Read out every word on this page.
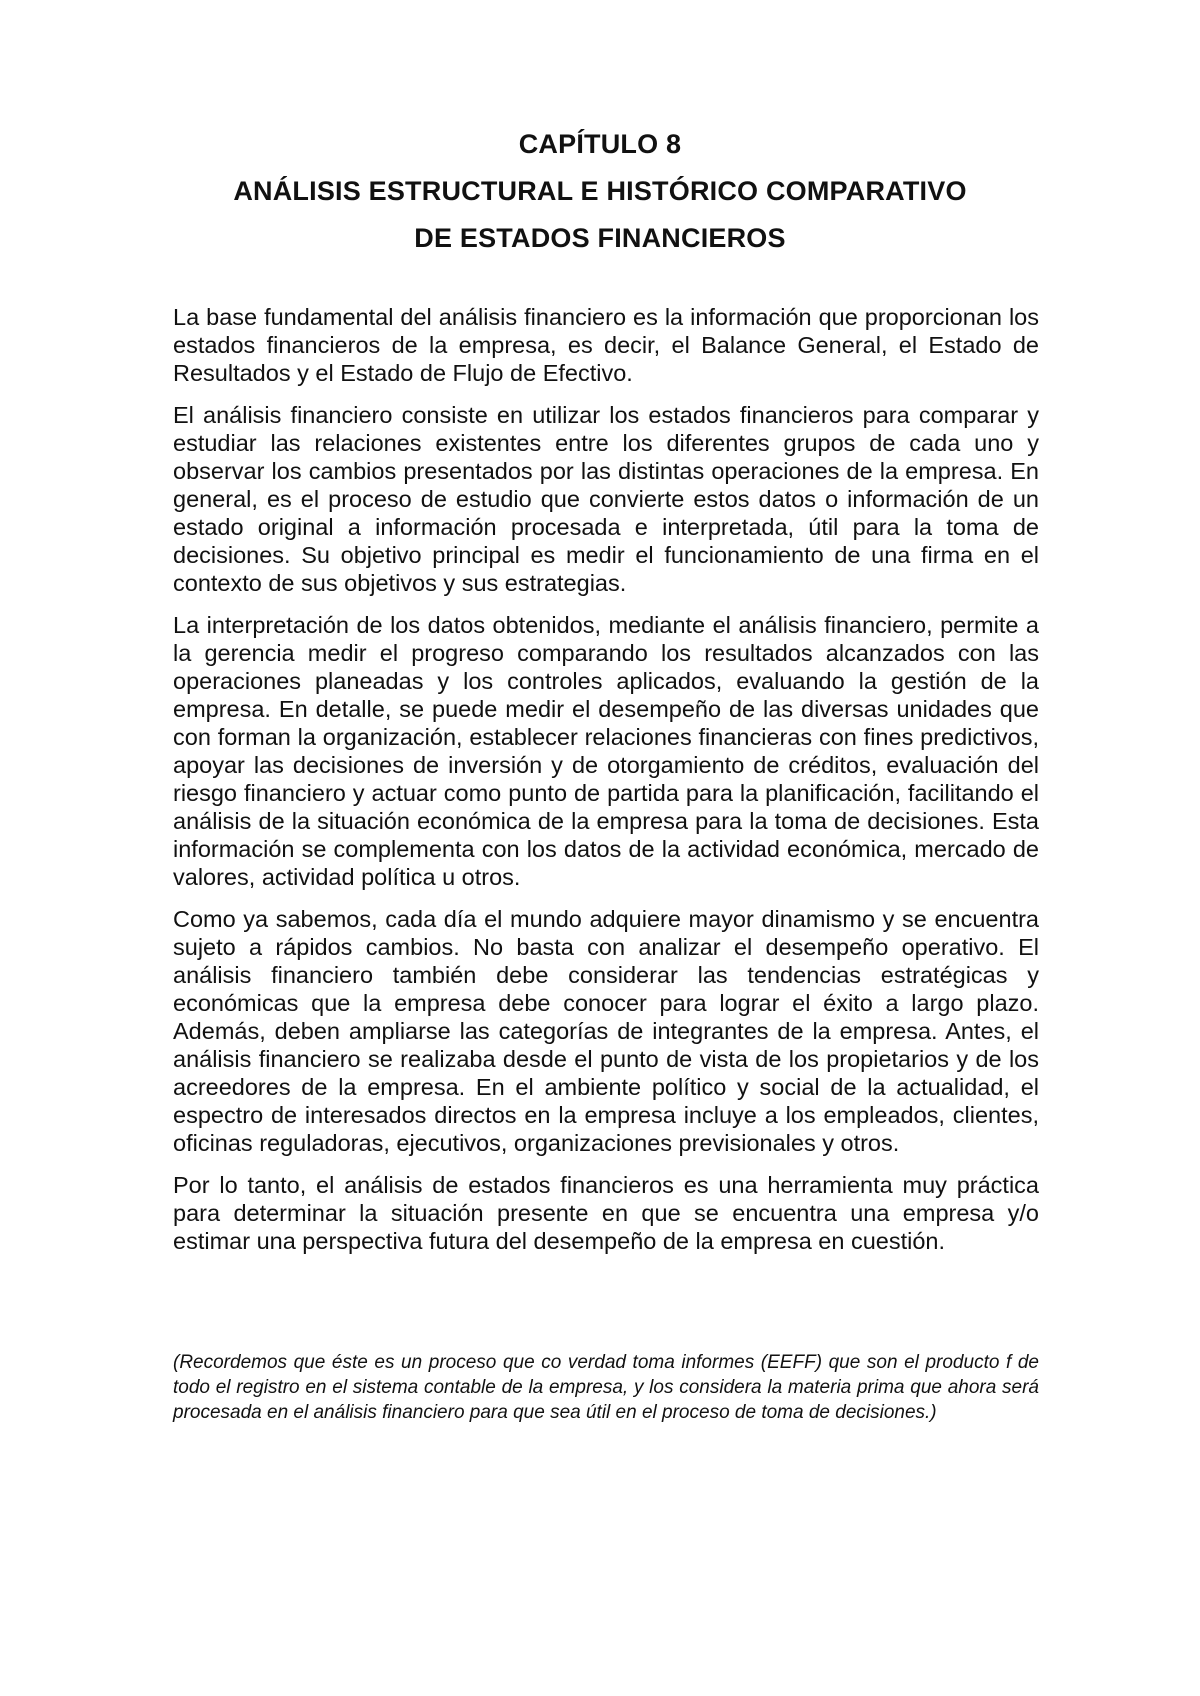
CAPÍTULO 8
ANÁLISIS ESTRUCTURAL E HISTÓRICO COMPARATIVO
DE ESTADOS FINANCIEROS

La base fundamental del análisis financiero es la información que proporcionan los estados financieros de la empresa, es decir, el Balance General, el Estado de Resultados y el Estado de Flujo de Efectivo.

El análisis financiero consiste en utilizar los estados financieros para comparar y estudiar las relaciones existentes entre los diferentes grupos de cada uno y observar los cambios presentados por las distintas operaciones de la empresa. En general, es el proceso de estudio que convierte estos datos o información de un estado original a información procesada e interpretada, útil para la toma de decisiones. Su objetivo principal es medir el funcionamiento de una firma en el contexto de sus objetivos y sus estrategias.

La interpretación de los datos obtenidos, mediante el análisis financiero, permite a la gerencia medir el progreso comparando los resultados alcanzados con las operaciones planeadas y los controles aplicados, evaluando la gestión de la empresa. En detalle, se puede medir el desempeño de las diversas unidades que con forman la organización, establecer relaciones financieras con fines predictivos, apoyar las decisiones de inversión y de otorgamiento de créditos, evaluación del riesgo financiero y actuar como punto de partida para la planificación, facilitando el análisis de la situación económica de la empresa para la toma de decisiones. Esta información se complementa con los datos de la actividad económica, mercado de valores, actividad política u otros.

Como ya sabemos, cada día el mundo adquiere mayor dinamismo y se encuentra sujeto a rápidos cambios. No basta con analizar el desempeño operativo. El análisis financiero también debe considerar las tendencias estratégicas y económicas que la empresa debe conocer para lograr el éxito a largo plazo. Además, deben ampliarse las categorías de integrantes de la empresa. Antes, el análisis financiero se realizaba desde el punto de vista de los propietarios y de los acreedores de la empresa. En el ambiente político y social de la actualidad, el espectro de interesados directos en la empresa incluye a los empleados, clientes, oficinas reguladoras, ejecutivos, organizaciones previsionales y otros.

Por lo tanto, el análisis de estados financieros es una herramienta muy práctica para determinar la situación presente en que se encuentra una empresa y/o estimar una perspectiva futura del desempeño de la empresa en cuestión.

(Recordemos que éste es un proceso que co verdad toma informes (EEFF) que son el producto f de todo el registro en el sistema contable de la empresa, y los considera la materia prima que ahora será procesada en el análisis financiero para que sea útil en el proceso de toma de decisiones.)
